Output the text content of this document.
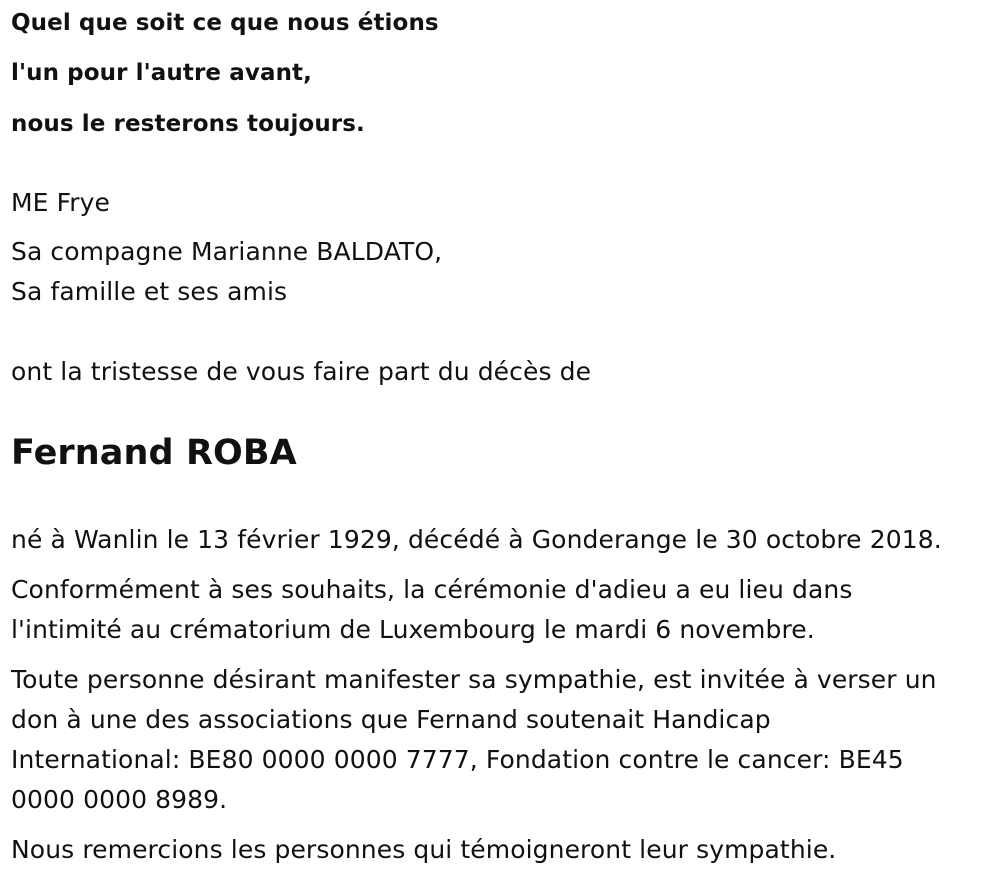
Quel que soit ce que nous étions
l'un pour l'autre avant,
nous le resterons toujours.
ME Frye
Sa compagne Marianne BALDATO,
Sa famille et ses amis
ont la tristesse de vous faire part du décès de
Fernand ROBA
né à Wanlin le 13 février 1929, décédé à Gonderange le 30 octobre 2018.
Conformément à ses souhaits, la cérémonie d'adieu a eu lieu dans
l'intimité au crématorium de Luxembourg le mardi 6 novembre.
Toute personne désirant manifester sa sympathie, est invitée à verser un
don à une des associations que Fernand soutenait Handicap
International: BE80 0000 0000 7777, Fondation contre le cancer: BE45
0000 0000 8989.
Nous remercions les personnes qui témoigneront leur sympathie.
